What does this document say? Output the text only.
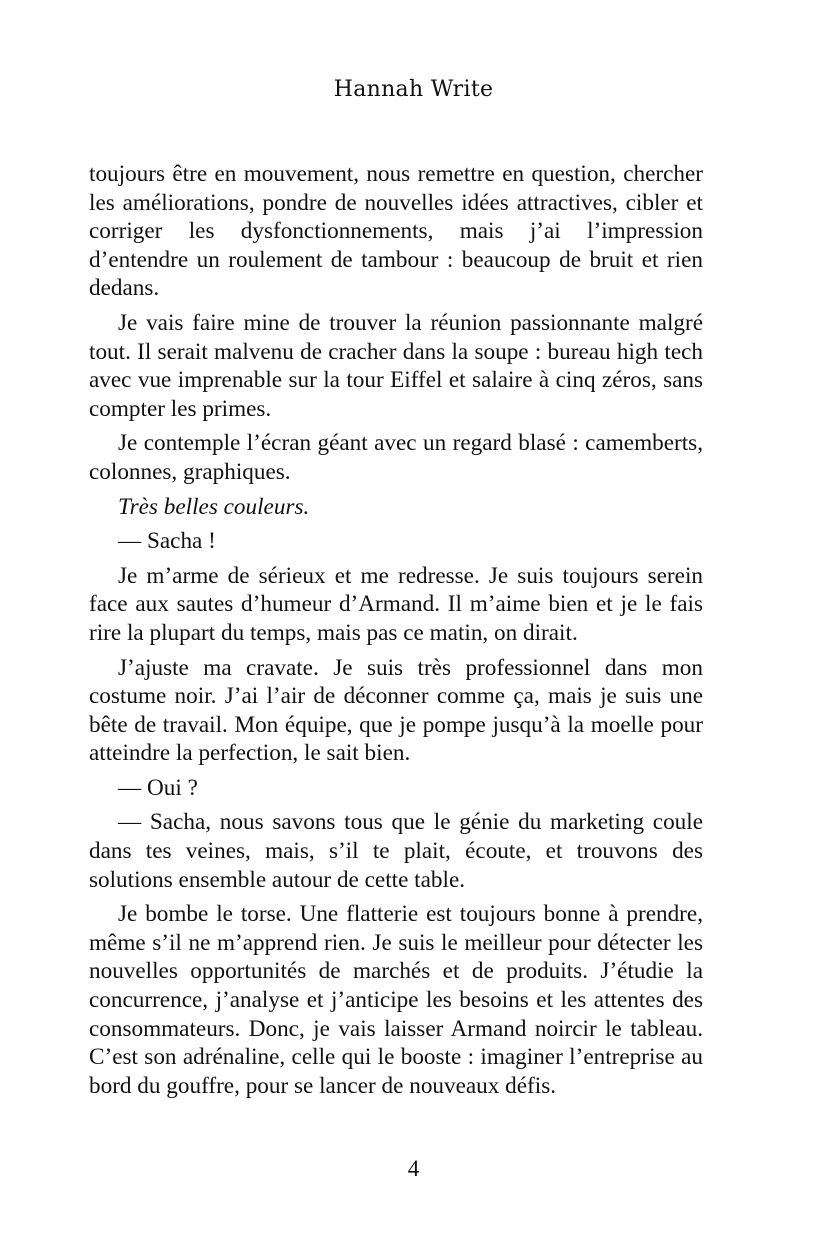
Hannah Write

toujours être en mouvement, nous remettre en question, chercher les améliorations, pondre de nouvelles idées attractives, cibler et corriger les dysfonctionnements, mais j’ai l’impression d’entendre un roulement de tambour : beaucoup de bruit et rien dedans.

Je vais faire mine de trouver la réunion passionnante malgré tout. Il serait malvenu de cracher dans la soupe : bureau high tech avec vue imprenable sur la tour Eiffel et salaire à cinq zéros, sans compter les primes.

Je contemple l’écran géant avec un regard blasé : camemberts, colonnes, graphiques.

Très belles couleurs.

— Sacha !

Je m’arme de sérieux et me redresse. Je suis toujours serein face aux sautes d’humeur d’Armand. Il m’aime bien et je le fais rire la plupart du temps, mais pas ce matin, on dirait.

J’ajuste ma cravate. Je suis très professionnel dans mon costume noir. J’ai l’air de déconner comme ça, mais je suis une bête de travail. Mon équipe, que je pompe jusqu’à la moelle pour atteindre la perfection, le sait bien.

— Oui ?

— Sacha, nous savons tous que le génie du marketing coule dans tes veines, mais, s’il te plait, écoute, et trouvons des solutions ensemble autour de cette table.

Je bombe le torse. Une flatterie est toujours bonne à prendre, même s’il ne m’apprend rien. Je suis le meilleur pour détecter les nouvelles opportunités de marchés et de produits. J’étudie la concurrence, j’analyse et j’anticipe les besoins et les attentes des consommateurs. Donc, je vais laisser Armand noircir le tableau. C’est son adrénaline, celle qui le booste : imaginer l’entreprise au bord du gouffre, pour se lancer de nouveaux défis.

4
